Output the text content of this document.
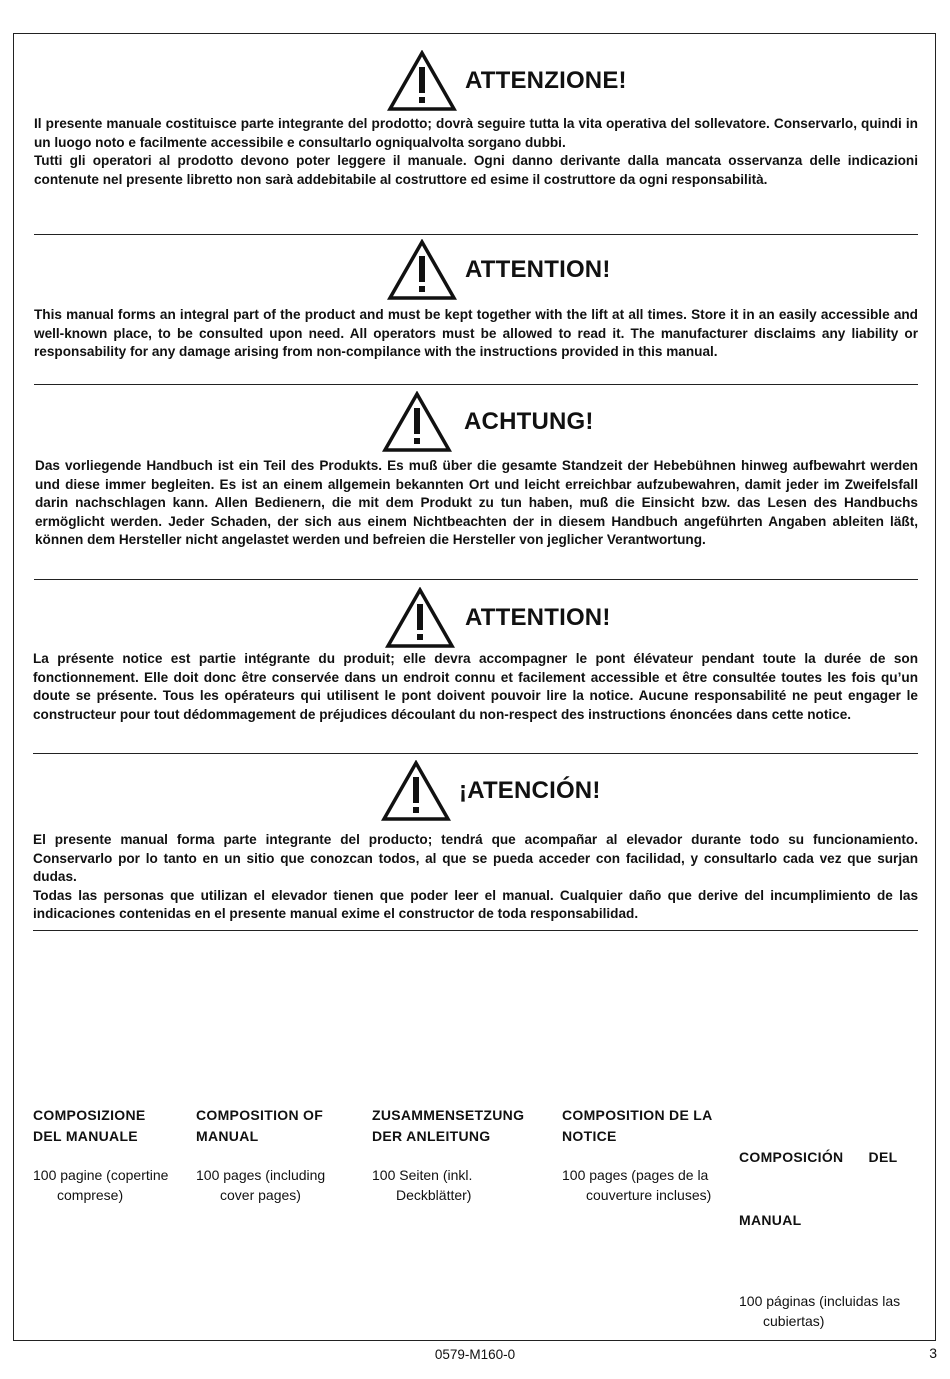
ATTENZIONE!

Il presente manuale costituisce parte integrante del prodotto; dovrà seguire tutta la vita operativa del sollevatore. Conservarlo, quindi in un luogo noto e facilmente accessibile e consultarlo ogniqualvolta sorgano dubbi.

Tutti gli operatori al prodotto devono poter leggere il manuale. Ogni danno derivante dalla mancata osservanza delle indicazioni contenute nel presente libretto non sarà addebitabile al costruttore ed esime il costruttore da ogni responsabilità.

ATTENTION!

This manual forms an integral part of the product and must be kept together with the lift at all times. Store it in an easily accessible and well-known place, to be consulted upon need. All operators must be allowed to read it. The manufacturer disclaims any liability or responsability for any damage arising from non-compilance with the instructions provided in this manual.

ACHTUNG!

Das vorliegende Handbuch ist ein Teil des Produkts. Es muß über die gesamte Standzeit der Hebebühnen hinweg aufbewahrt werden und diese immer begleiten. Es ist an einem allgemein bekannten Ort und leicht erreichbar aufzubewahren, damit jeder im Zweifelsfall darin nachschlagen kann. Allen Bedienern, die mit dem Produkt zu tun haben, muß die Einsicht bzw. das Lesen des Handbuchs ermöglicht werden. Jeder Schaden, der sich aus einem Nichtbeachten der in diesem Handbuch angeführten Angaben ableiten läßt, können dem Hersteller nicht angelastet werden und befreien die Hersteller von jeglicher Verantwortung.

ATTENTION!

La présente notice est partie intégrante du produit; elle devra accompagner le pont élévateur pendant toute la durée de son fonctionnement. Elle doit donc être conservée dans un endroit connu et facilement accessible et être consultée toutes les fois qu’un doute se présente. Tous les opérateurs qui utilisent le pont doivent pouvoir lire la notice. Aucune responsabilité ne peut engager le constructeur pour tout dédommagement de préjudices découlant du non-respect des instructions énoncées dans cette notice.

¡ATENCIÓN!

El presente manual forma parte integrante del producto; tendrá que acompañar al elevador durante todo su funcionamiento. Conservarlo por lo tanto en un sitio que conozcan todos, al que se pueda acceder con facilidad, y consultarlo cada vez que surjan dudas.

Todas las personas que utilizan el elevador tienen que poder leer el manual. Cualquier daño que derive del incumplimiento de las indicaciones contenidas en el presente manual exime el constructor de toda responsabilidad.

COMPOSIZIONE
DEL MANUALE
100 pagine (copertine comprese)
COMPOSITION OF
MANUAL
100 pages (including cover pages)
ZUSAMMENSETZUNG
DER ANLEITUNG
100 Seiten (inkl. Deckblätter)
COMPOSITION DE LA
NOTICE
100 pages (pages de la couverture incluses)

COMPOSICIÓN      DEL

MANUAL

100 páginas (incluidas las cubiertas)
0579-M160-0	3
